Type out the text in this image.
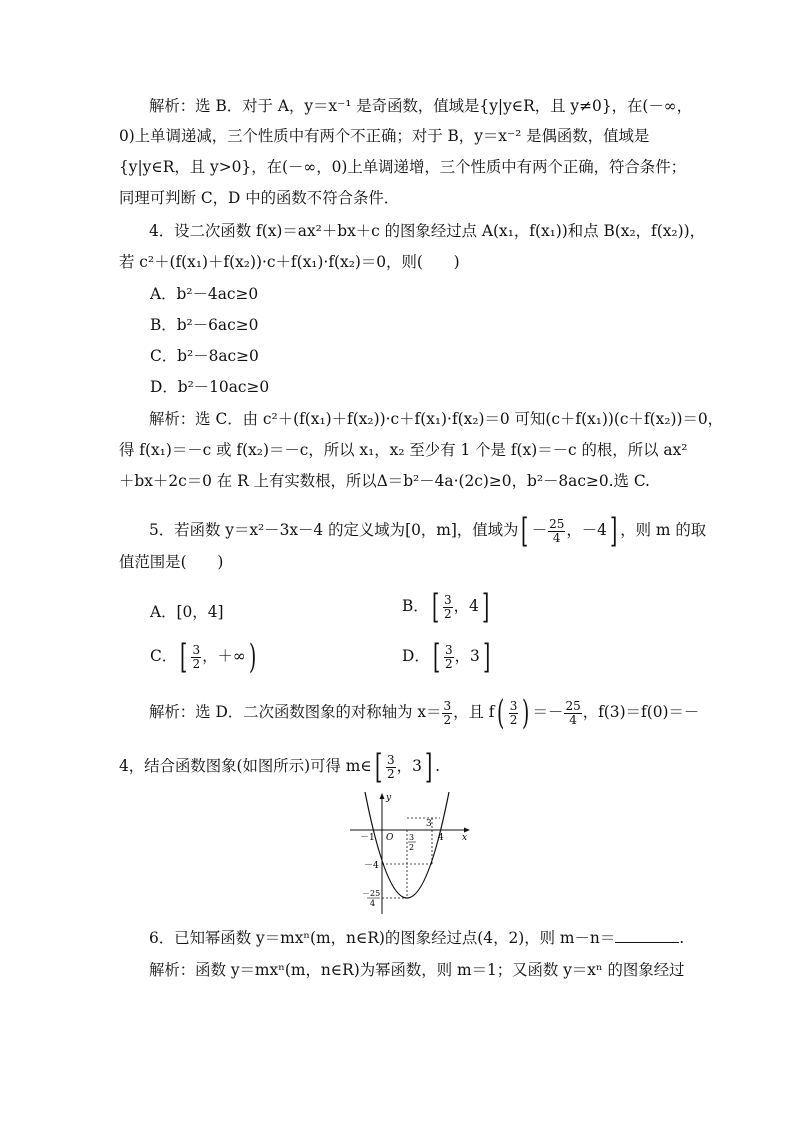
解析：选 B．对于 A，y＝x⁻¹ 是奇函数，值域是{y|y∈R，且 y≠0}，在(－∞，
0)上单调递减，三个性质中有两个不正确；对于 B，y＝x⁻² 是偶函数，值域是
{y|y∈R，且 y>0}，在(－∞，0)上单调递增，三个性质中有两个正确，符合条件；
同理可判断 C，D 中的函数不符合条件．
4．设二次函数 f(x)＝ax²＋bx＋c 的图象经过点 A(x₁，f(x₁))和点 B(x₂，f(x₂))，
若 c²＋(f(x₁)＋f(x₂))·c＋f(x₁)·f(x₂)＝0，则(　　)
A．b²－4ac≥0
B．b²－6ac≥0
C．b²－8ac≥0
D．b²－10ac≥0
解析：选 C．由 c²＋(f(x₁)＋f(x₂))·c＋f(x₁)·f(x₂)＝0 可知(c＋f(x₁))(c＋f(x₂))＝0，
得 f(x₁)＝－c 或 f(x₂)＝－c，所以 x₁，x₂ 至少有 1 个是 f(x)＝－c 的根，所以 ax²
＋bx＋2c＝0 在 R 上有实数根，所以Δ＝b²－4a·(2c)≥0，b²－8ac≥0.选 C.
5．若函数 y＝x²－3x－4 的定义域为[0，m]，值域为[ － $\frac{25}{4}$ ，－4] ，则 m 的取
值范围是(　　)
A．[0，4]	B．[ $\frac{3}{2}$ ，4]
C．[ $\frac{3}{2}$ ，＋∞)	D．[ $\frac{3}{2}$ ，3]
解析：选 D．二次函数图象的对称轴为 $x= \frac{3}{2}$ ，且 $f( \frac{3}{2}$ ) ＝－ $\frac{25}{4}$ ，f(3)＝f(0)＝－
4，结合函数图象(如图所示)可得 m∈[ $\frac{3}{2}$ ，3] .
y
x
O
－1	4
3
3
2
－4
－25
4
6．已知幂函数 y＝mxⁿ(m，n∈R)的图象经过点(4，2)，则 m－n＝	.
解析：函数 y＝mxⁿ(m，n∈R)为幂函数，则 m＝1；又函数 y＝xⁿ 的图象经过
